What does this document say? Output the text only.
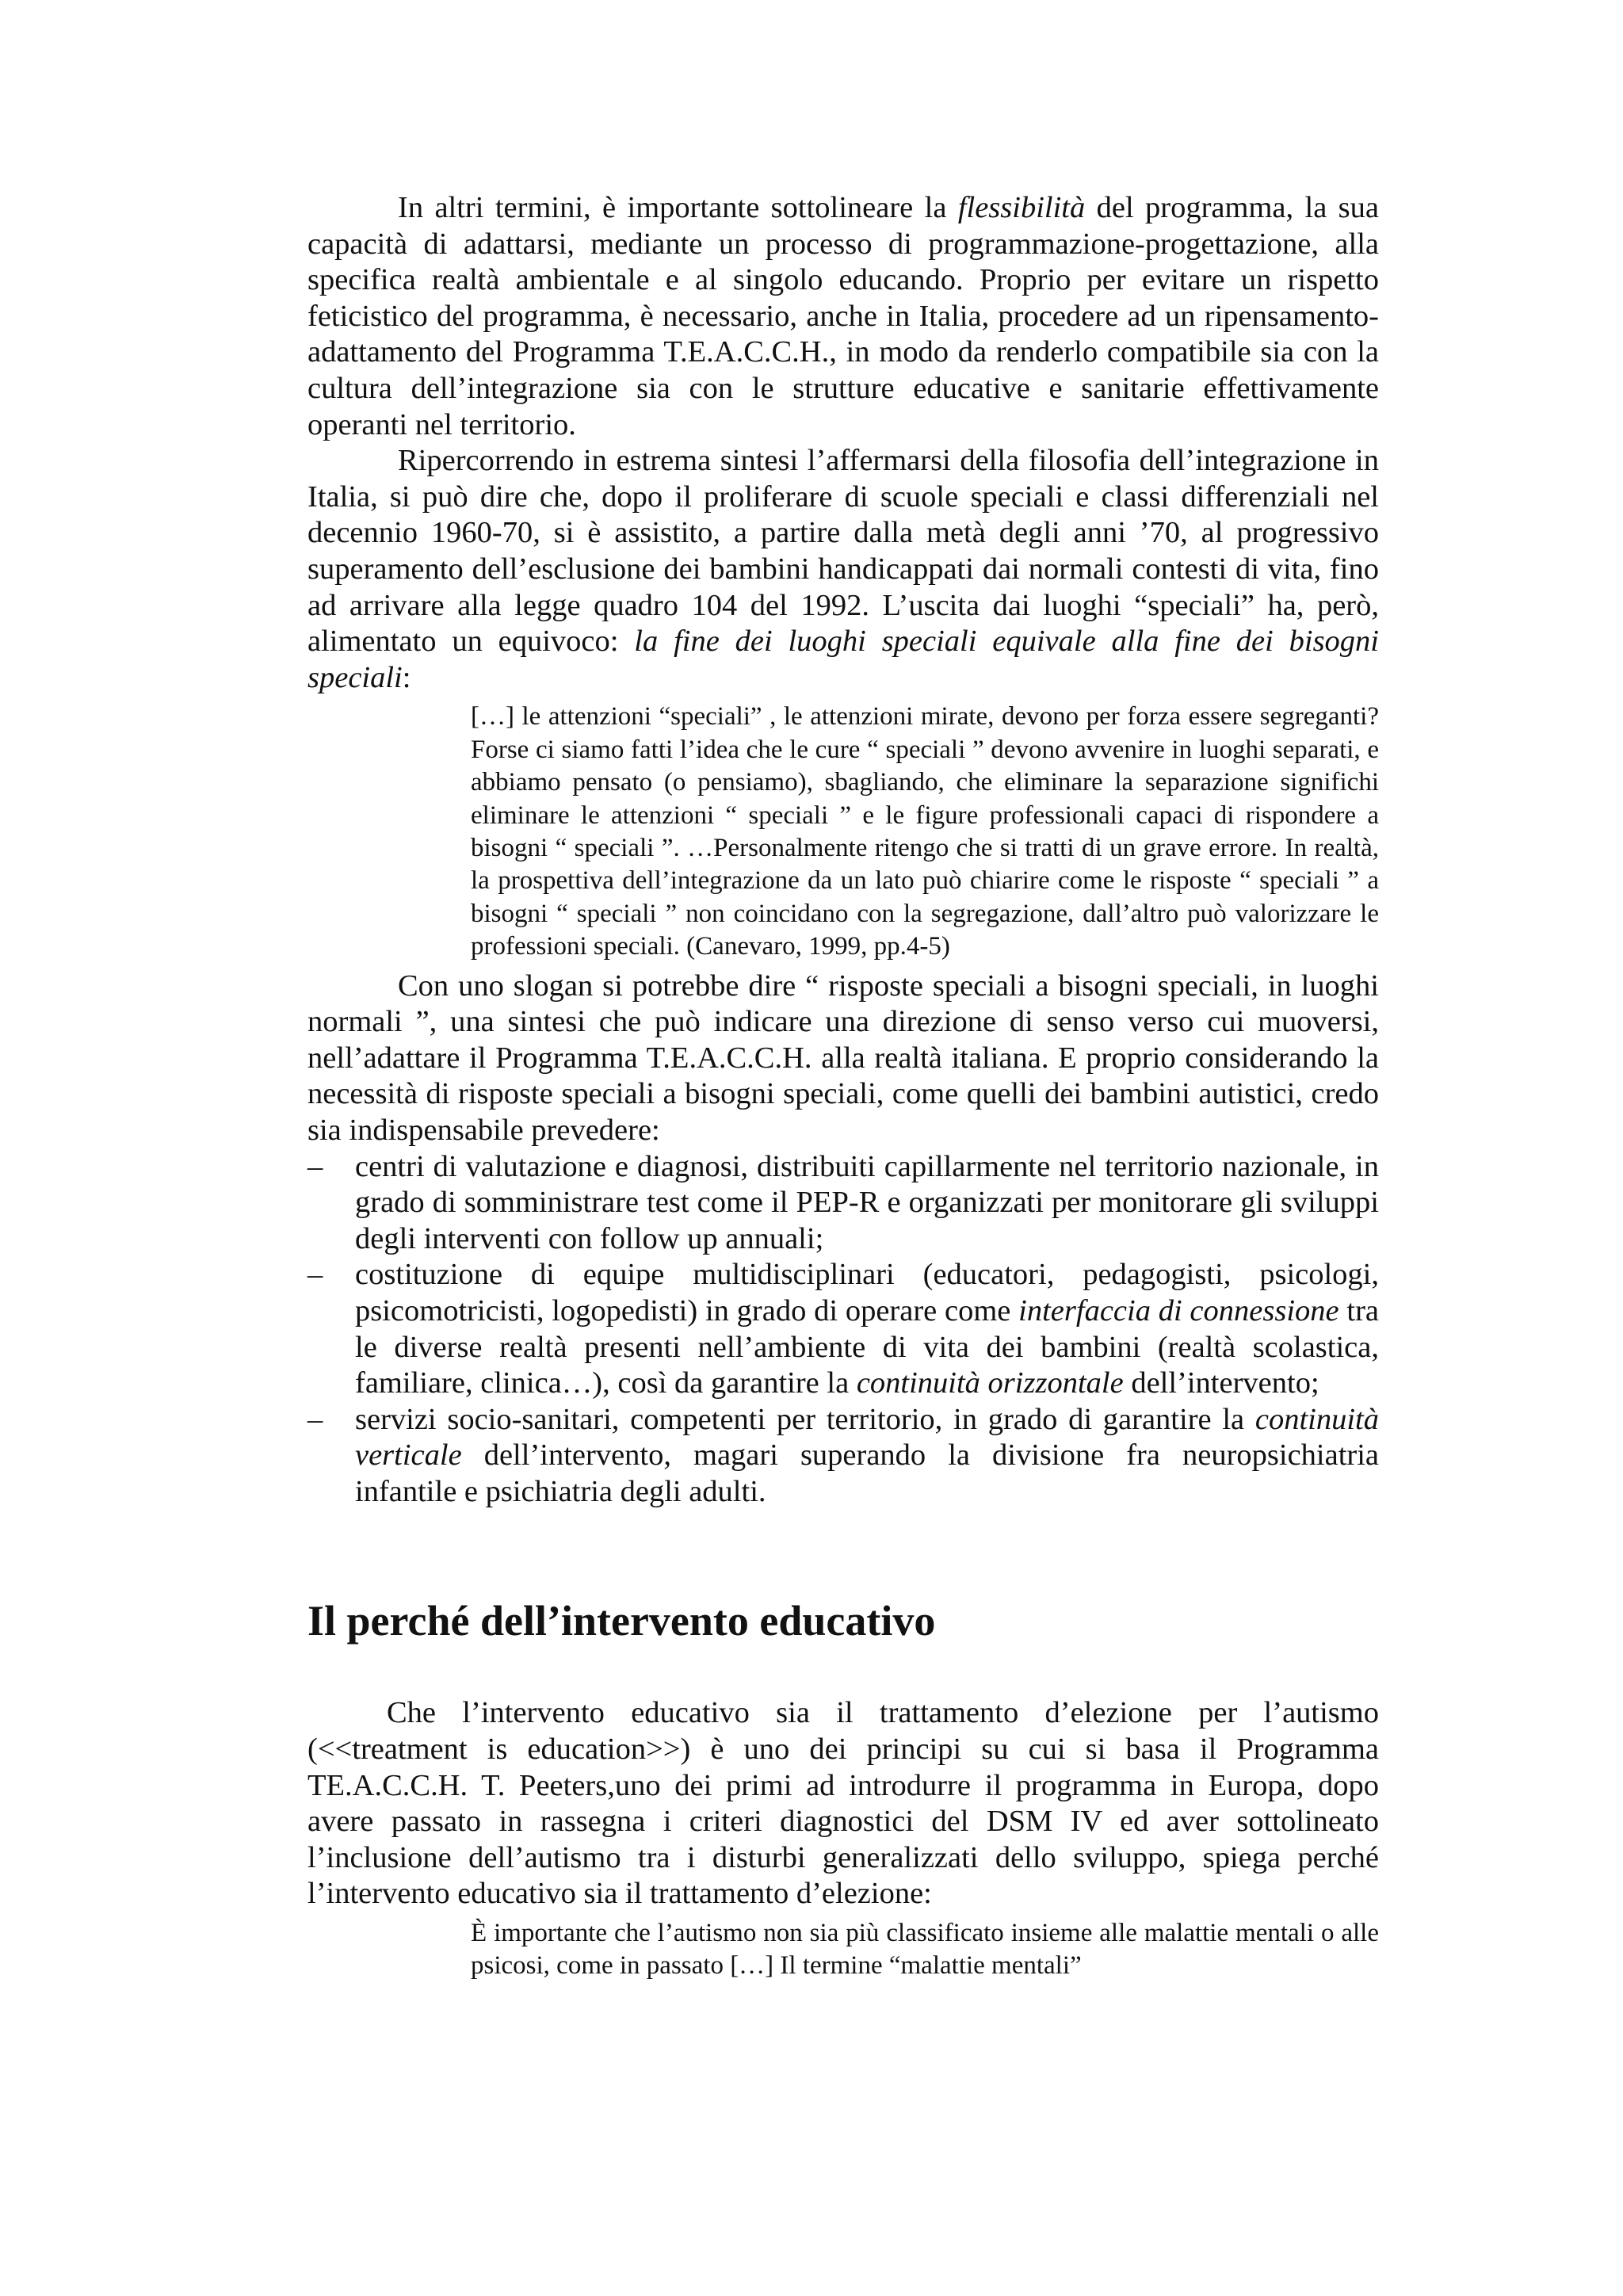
In altri termini, è importante sottolineare la flessibilità del programma, la sua capacità di adattarsi, mediante un processo di programmazione-progettazione, alla specifica realtà ambientale e al singolo educando. Proprio per evitare un rispetto feticistico del programma, è necessario, anche in Italia, procedere ad un ripensamento-adattamento del Programma T.E.A.C.C.H., in modo da renderlo compatibile sia con la cultura dell’integrazione sia con le strutture educative e sanitarie effettivamente operanti nel territorio.

Ripercorrendo in estrema sintesi l’affermarsi della filosofia dell’integrazione in Italia, si può dire che, dopo il proliferare di scuole speciali e classi differenziali nel decennio 1960-70, si è assistito, a partire dalla metà degli anni ’70, al progressivo superamento dell’esclusione dei bambini handicappati dai normali contesti di vita, fino ad arrivare alla legge quadro 104 del 1992. L’uscita dai luoghi “speciali” ha, però, alimentato un equivoco: la fine dei luoghi speciali equivale alla fine dei bisogni speciali:

[…] le attenzioni “speciali” , le attenzioni mirate, devono per forza essere segreganti? Forse ci siamo fatti l’idea che le cure “ speciali ” devono avvenire in luoghi separati, e abbiamo pensato (o pensiamo), sbagliando, che eliminare la separazione significhi eliminare le attenzioni “ speciali ” e le figure professionali capaci di rispondere a bisogni “ speciali ”. …Personalmente ritengo che si tratti di un grave errore. In realtà, la prospettiva dell’integrazione da un lato può chiarire come le risposte “ speciali ” a bisogni “ speciali ” non coincidano con la segregazione, dall’altro può valorizzare le professioni speciali. (Canevaro, 1999, pp.4-5)

Con uno slogan si potrebbe dire “ risposte speciali a bisogni speciali, in luoghi normali ”, una sintesi che può indicare una direzione di senso verso cui muoversi, nell’adattare il Programma T.E.A.C.C.H. alla realtà italiana. E proprio considerando la necessità di risposte speciali a bisogni speciali, come quelli dei bambini autistici, credo sia indispensabile prevedere:

– centri di valutazione e diagnosi, distribuiti capillarmente nel territorio nazionale, in grado di somministrare test come il PEP-R e organizzati per monitorare gli sviluppi degli interventi con follow up annuali;
– costituzione di equipe multidisciplinari (educatori, pedagogisti, psicologi, psicomotricisti, logopedisti) in grado di operare come interfaccia di connessione tra le diverse realtà presenti nell’ambiente di vita dei bambini (realtà scolastica, familiare, clinica…), così da garantire la continuità orizzontale dell’intervento;
– servizi socio-sanitari, competenti per territorio, in grado di garantire la continuità verticale dell’intervento, magari superando la divisione fra neuropsichiatria infantile e psichiatria degli adulti.
Il perché dell’intervento educativo

Che l’intervento educativo sia il trattamento d’elezione per l’autismo (<<treatment is education>>) è uno dei principi su cui si basa il Programma TE.A.C.C.H. T. Peeters,uno dei primi ad introdurre il programma in Europa, dopo avere passato in rassegna i criteri diagnostici del DSM IV ed aver sottolineato l’inclusione dell’autismo tra i disturbi generalizzati dello sviluppo, spiega perché l’intervento educativo sia il trattamento d’elezione:

È importante che l’autismo non sia più classificato insieme alle malattie mentali o alle psicosi, come in passato […] Il termine “malattie mentali”
